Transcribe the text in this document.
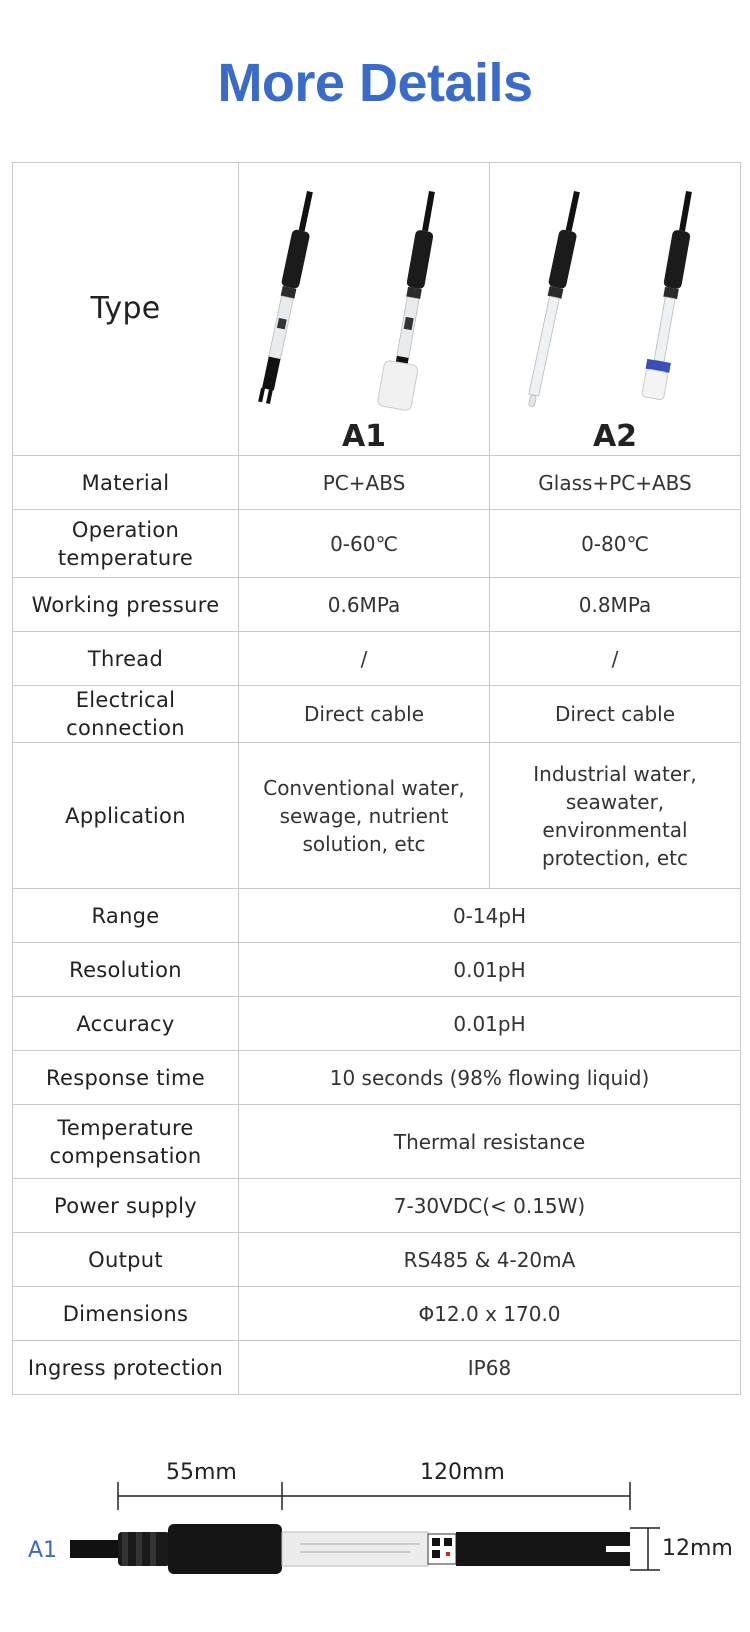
More Details
Type	A1	A2

Material	PC+ABS	Glass+PC+ABS
Operation temperature	0-60℃	0-80℃
Working pressure	0.6MPa	0.8MPa
Thread	/	/
Electrical connection	Direct cable	Direct cable
Application	Conventional water, sewage, nutrient solution, etc	Industrial water, seawater, environmental protection, etc
Range	0-14pH	
Resolution	0.01pH	
Accuracy	0.01pH	
Response time	10 seconds (98% flowing liquid)	
Temperature compensation	Thermal resistance	
Power supply	7-30VDC(< 0.15W)	
Output	RS485 & 4-20mA	
Dimensions	Φ12.0 x 170.0	
Ingress protection	IP68	
55mm	120mm
12mm
A1
